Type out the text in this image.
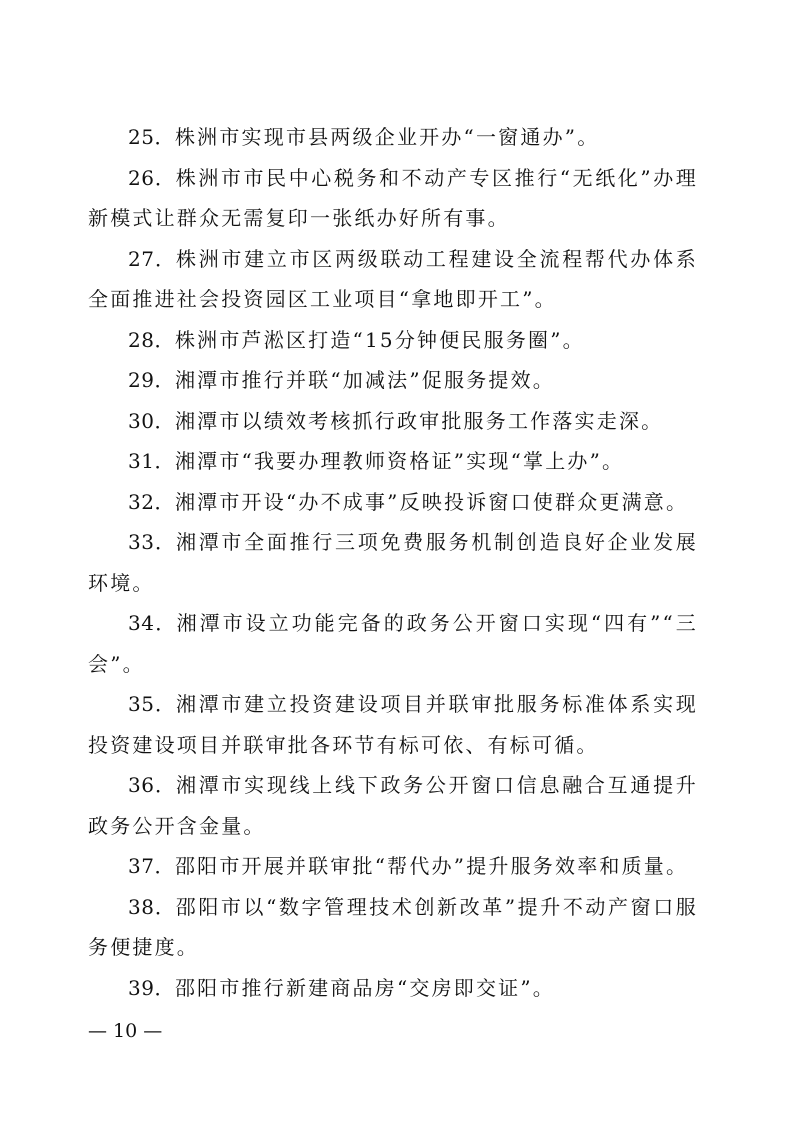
25．株洲市实现市县两级企业开办“一窗通办”。

26．株洲市市民中心税务和不动产专区推行“无纸化”办理新模式让群众无需复印一张纸办好所有事。

27．株洲市建立市区两级联动工程建设全流程帮代办体系全面推进社会投资园区工业项目“拿地即开工”。

28．株洲市芦淞区打造“15分钟便民服务圈”。

29．湘潭市推行并联“加减法”促服务提效。

30．湘潭市以绩效考核抓行政审批服务工作落实走深。

31．湘潭市“我要办理教师资格证”实现“掌上办”。

32．湘潭市开设“办不成事”反映投诉窗口使群众更满意。

33．湘潭市全面推行三项免费服务机制创造良好企业发展环境。

34．湘潭市设立功能完备的政务公开窗口实现“四有”“三会”。

35．湘潭市建立投资建设项目并联审批服务标准体系实现投资建设项目并联审批各环节有标可依、有标可循。

36．湘潭市实现线上线下政务公开窗口信息融合互通提升政务公开含金量。

37．邵阳市开展并联审批“帮代办”提升服务效率和质量。

38．邵阳市以“数字管理技术创新改革”提升不动产窗口服务便捷度。

39．邵阳市推行新建商品房“交房即交证”。

— 10 —
